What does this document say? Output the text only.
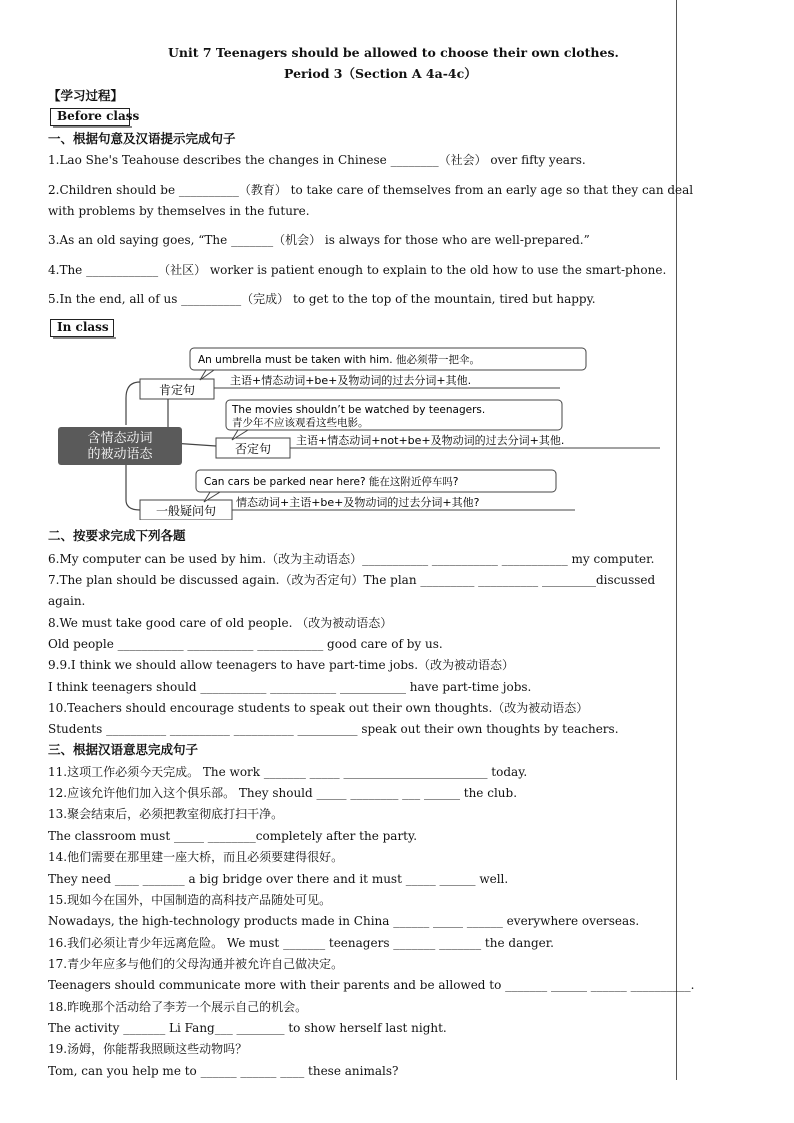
Unit 7 Teenagers should be allowed to choose their own clothes.
Period 3（Section A 4a-4c）
【学习过程】
Before class
一、根据句意及汉语提示完成句子
1.Lao She's Teahouse describes the changes in Chinese ________（社会） over fifty years.
2.Children should be __________（教育） to take care of themselves from an early age so that they can deal
with problems by themselves in the future.
3.As an old saying goes, “The _______（机会） is always for those who are well-prepared.”
4.The ____________（社区） worker is patient enough to explain to the old how to use the smart-phone.
5.In the end, all of us __________（完成） to get to the top of the mountain, tired but happy.
In class
含情态动词
的被动语态
肯定句
An umbrella must be taken with him. 他必须带一把伞。
主语+情态动词+be+及物动词的过去分词+其他.
否定句
The movies shouldn’t be watched by teenagers.
青少年不应该观看这些电影。
主语+情态动词+not+be+及物动词的过去分词+其他.
一般疑问句
Can cars be parked near here? 能在这附近停车吗?
情态动词+主语+be+及物动词的过去分词+其他?
二、按要求完成下列各题
6.My computer can be used by him.（改为主动语态）___________ ___________ ___________ my computer.
7.The plan should be discussed again.（改为否定句）The plan _________ __________ _________discussed
again.
8.We must take good care of old people. （改为被动语态）
Old people ___________ ___________ ___________ good care of by us.
9.9.I think we should allow teenagers to have part-time jobs.（改为被动语态）
I think teenagers should ___________ ___________ ___________ have part-time jobs.
10.Teachers should encourage students to speak out their own thoughts.（改为被动语态）
Students __________ __________ __________ __________ speak out their own thoughts by teachers.
三、根据汉语意思完成句子
11.这项工作必须今天完成。 The work _______ _____ ________________________ today.
12.应该允许他们加入这个俱乐部。 They should _____ ________ ___ ______ the club.
13.聚会结束后，必须把教室彻底打扫干净。
The classroom must _____ ________completely after the party.
14.他们需要在那里建一座大桥，而且必须要建得很好。
They need ____ _______ a big bridge over there and it must _____ ______ well.
15.现如今在国外，中国制造的高科技产品随处可见。
Nowadays, the high-technology products made in China ______ _____ ______ everywhere overseas.
16.我们必须让青少年远离危险。 We must _______ teenagers _______ _______ the danger.
17.青少年应多与他们的父母沟通并被允许自己做决定。
Teenagers should communicate more with their parents and be allowed to _______ ______ ______ __________.
18.昨晚那个活动给了李芳一个展示自己的机会。
The activity _______ Li Fang___ ________ to show herself last night.
19.汤姆，你能帮我照顾这些动物吗？
Tom, can you help me to ______ ______ ____ these animals?
